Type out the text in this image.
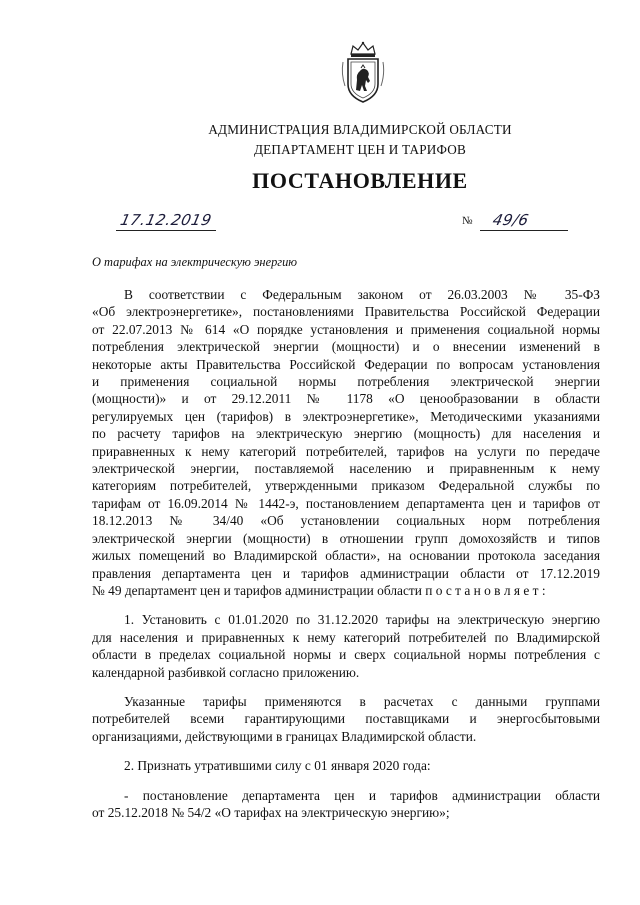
АДМИНИСТРАЦИЯ ВЛАДИМИРСКОЙ ОБЛАСТИ
ДЕПАРТАМЕНТ ЦЕН И ТАРИФОВ
ПОСТАНОВЛЕНИЕ
17.12.2019	№	49/6
О тарифах на электрическую энергию
В соответствии с Федеральным законом от 26.03.2003 № 35-ФЗ
«Об электроэнергетике», постановлениями Правительства Российской Федерации
от 22.07.2013 № 614 «О порядке установления и применения социальной нормы
потребления электрической энергии (мощности) и о внесении изменений в
некоторые акты Правительства Российской Федерации по вопросам установления
и применения социальной нормы потребления электрической энергии
(мощности)» и от 29.12.2011 № 1178 «О ценообразовании в области
регулируемых цен (тарифов) в электроэнергетике», Методическими указаниями
по расчету тарифов на электрическую энергию (мощность) для населения и
приравненных к нему категорий потребителей, тарифов на услуги по передаче
электрической энергии, поставляемой населению и приравненным к нему
категориям потребителей, утвержденными приказом Федеральной службы по
тарифам от 16.09.2014 № 1442-э, постановлением департамента цен и тарифов от
18.12.2013 № 34/40 «Об установлении социальных норм потребления
электрической энергии (мощности) в отношении групп домохозяйств и типов
жилых помещений во Владимирской области», на основании протокола заседания
правления департамента цен и тарифов администрации области от 17.12.2019
№ 49 департамент цен и тарифов администрации области п о с т а н о в л я е т :
1. Установить с 01.01.2020 по 31.12.2020 тарифы на электрическую энергию
для населения и приравненных к нему категорий потребителей по Владимирской
области в пределах социальной нормы и сверх социальной нормы потребления с
календарной разбивкой согласно приложению.
Указанные тарифы применяются в расчетах с данными группами
потребителей всеми гарантирующими поставщиками и энергосбытовыми
организациями, действующими в границах Владимирской области.
2. Признать утратившими силу с 01 января 2020 года:
- постановление департамента цен и тарифов администрации области
от 25.12.2018 № 54/2 «О тарифах на электрическую энергию»;
